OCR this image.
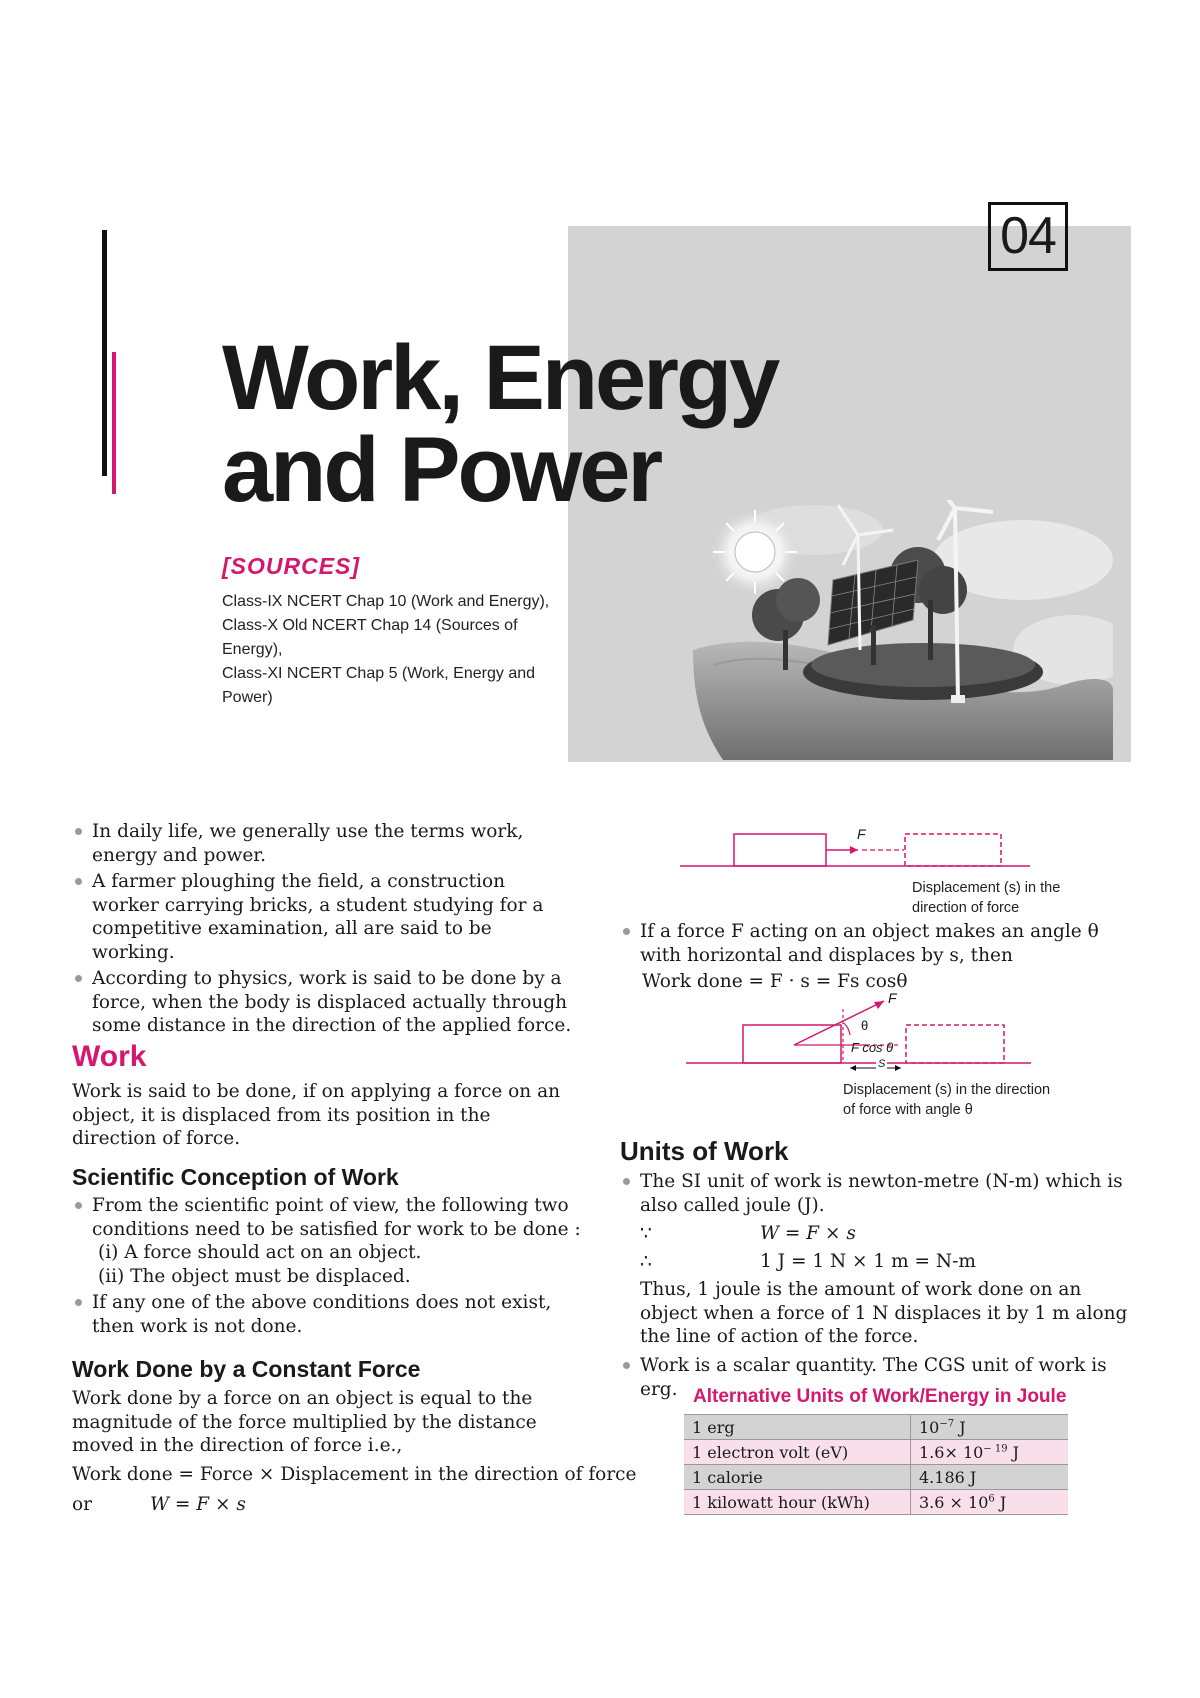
04
Work, Energy
and Power
[SOURCES]
Class-IX NCERT Chap 10 (Work and Energy),
Class-X Old NCERT Chap 14 (Sources of Energy),
Class-XI NCERT Chap 5 (Work, Energy and Power)
In daily life, we generally use the terms work, energy and power.
A farmer ploughing the field, a construction worker carrying bricks, a student studying for a competitive examination, all are said to be working.
According to physics, work is said to be done by a force, when the body is displaced actually through some distance in the direction of the applied force.
Work
Work is said to be done, if on applying a force on an object, it is displaced from its position in the direction of force.
Scientific Conception of Work
From the scientific point of view, the following two conditions need to be satisfied for work to be done :
(i) A force should act on an object.
(ii) The object must be displaced.
If any one of the above conditions does not exist, then work is not done.
Work Done by a Constant Force
Work done by a force on an object is equal to the magnitude of the force multiplied by the distance moved in the direction of force i.e.,
Work done = Force × Displacement in the direction of force
or	W = F × s
F
Displacement (s) in the
direction of force
If a force F acting on an object makes an angle θ with horizontal and displaces by s, then
Work done = F · s = Fs cosθ
F
θ
F cos θ
S
Displacement (s) in the direction
of force with angle θ
Units of Work
The SI unit of work is newton-metre (N-m) which is also called joule (J).
∵	W = F × s
∴	1 J = 1 N × 1 m = N-m
Thus, 1 joule is the amount of work done on an object when a force of 1 N displaces it by 1 m along the line of action of the force.
Work is a scalar quantity. The CGS unit of work is erg. Alternative Units of Work/Energy in Joule
1 erg	$10^{-7}$ J
1 electron volt (eV)	$1.6\times 10^{- 19}$ J
1 calorie	4.186 J
1 kilowatt hour (kWh)	$3.6 \times 10^6$ J
